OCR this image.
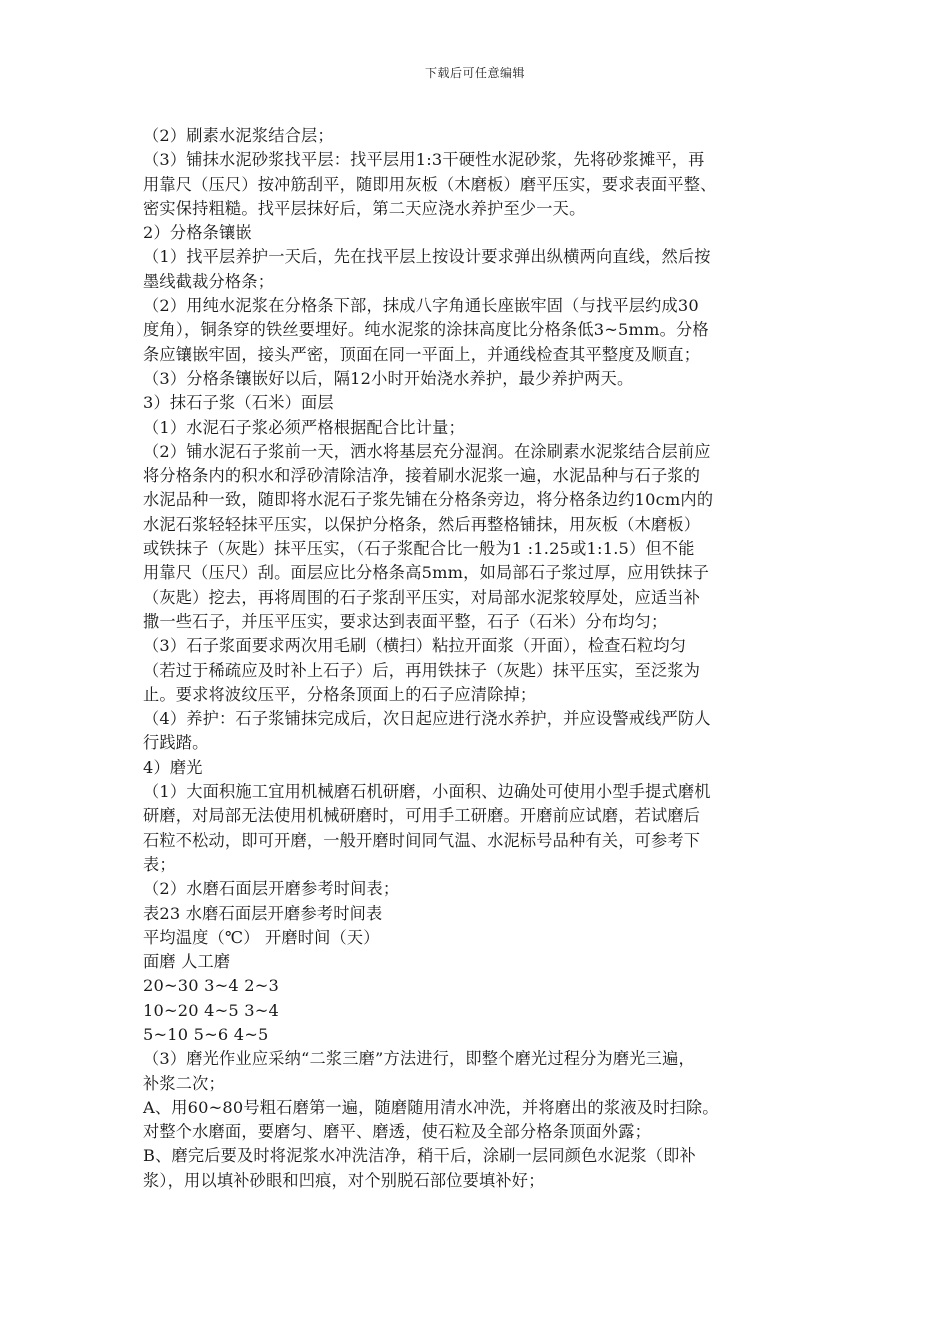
下载后可任意编辑
（2）刷素水泥浆结合层；
（3）铺抹水泥砂浆找平层：找平层用1:3干硬性水泥砂浆，先将砂浆摊平，再
用靠尺（压尺）按冲筋刮平，随即用灰板（木磨板）磨平压实，要求表面平整、
密实保持粗糙。找平层抹好后，第二天应浇水养护至少一天。
2）分格条镶嵌
（1）找平层养护一天后，先在找平层上按设计要求弹出纵横两向直线，然后按
墨线截裁分格条；
（2）用纯水泥浆在分格条下部，抹成八字角通长座嵌牢固（与找平层约成30
度角），铜条穿的铁丝要埋好。纯水泥浆的涂抹高度比分格条低3~5mm。分格
条应镶嵌牢固，接头严密，顶面在同一平面上，并通线检查其平整度及顺直；
（3）分格条镶嵌好以后，隔12小时开始浇水养护，最少养护两天。
3）抹石子浆（石米）面层
（1）水泥石子浆必须严格根据配合比计量；
（2）铺水泥石子浆前一天，洒水将基层充分湿润。在涂刷素水泥浆结合层前应
将分格条内的积水和浮砂清除洁净，接着刷水泥浆一遍，水泥品种与石子浆的
水泥品种一致，随即将水泥石子浆先铺在分格条旁边，将分格条边约10cm内的
水泥石浆轻轻抹平压实，以保护分格条，然后再整格铺抹，用灰板（木磨板）
或铁抹子（灰匙）抹平压实，（石子浆配合比一般为1 :1.25或1:1.5）但不能
用靠尺（压尺）刮。面层应比分格条高5mm，如局部石子浆过厚，应用铁抹子
（灰匙）挖去，再将周围的石子浆刮平压实，对局部水泥浆较厚处，应适当补
撒一些石子，并压平压实，要求达到表面平整，石子（石米）分布均匀；
（3）石子浆面要求两次用毛刷（横扫）粘拉开面浆（开面），检查石粒均匀
（若过于稀疏应及时补上石子）后，再用铁抹子（灰匙）抹平压实，至泛浆为
止。要求将波纹压平，分格条顶面上的石子应清除掉；
（4）养护：石子浆铺抹完成后，次日起应进行浇水养护，并应设警戒线严防人
行践踏。
4）磨光
（1）大面积施工宜用机械磨石机研磨，小面积、边确处可使用小型手提式磨机
研磨，对局部无法使用机械研磨时，可用手工研磨。开磨前应试磨，若试磨后
石粒不松动，即可开磨，一般开磨时间同气温、水泥标号品种有关，可参考下
表；
（2）水磨石面层开磨参考时间表；
表23 水磨石面层开磨参考时间表
平均温度（℃） 开磨时间（天）
面磨 人工磨
20~30 3~4 2~3
10~20 4~5 3~4
5~10 5~6 4~5
（3）磨光作业应采纳“二浆三磨”方法进行，即整个磨光过程分为磨光三遍，
补浆二次；
A、用60~80号粗石磨第一遍，随磨随用清水冲洗，并将磨出的浆液及时扫除。
对整个水磨面，要磨匀、磨平、磨透，使石粒及全部分格条顶面外露；
B、磨完后要及时将泥浆水冲洗洁净，稍干后，涂刷一层同颜色水泥浆（即补
浆），用以填补砂眼和凹痕，对个别脱石部位要填补好；
